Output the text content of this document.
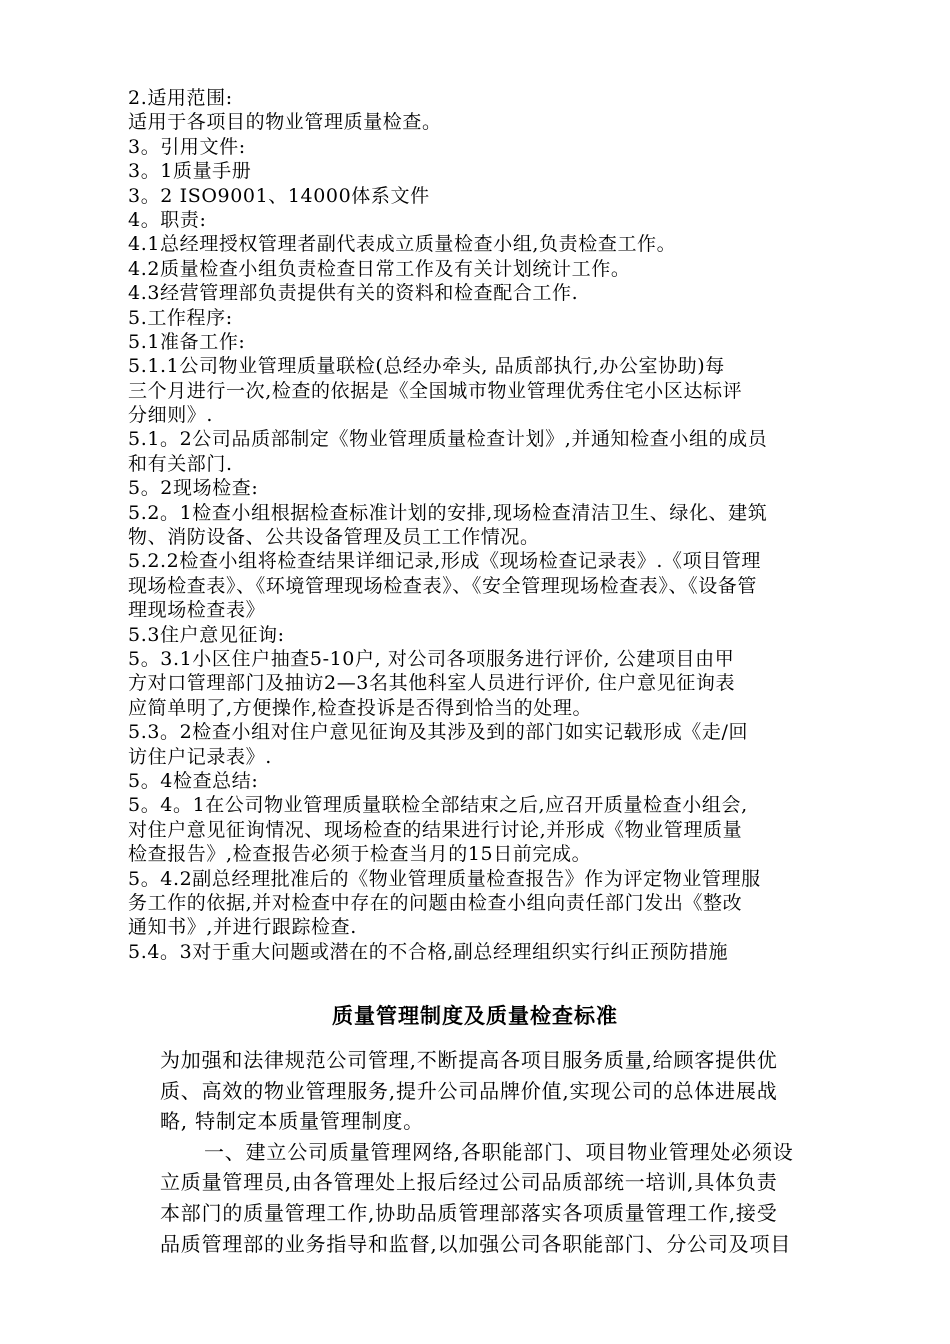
2.适用范围:
适用于各项目的物业管理质量检查。
3。引用文件:
3。1质量手册
3。2 ISO9001、14000体系文件
4。职责:
4.1总经理授权管理者副代表成立质量检查小组,负责检查工作。
4.2质量检查小组负责检查日常工作及有关计划统计工作。
4.3经营管理部负责提供有关的资料和检查配合工作.
5.工作程序:
5.1准备工作:
5.1.1公司物业管理质量联检(总经办牵头, 品质部执行,办公室协助)每
三个月进行一次,检查的依据是《全国城市物业管理优秀住宅小区达标评
分细则》.
5.1。2公司品质部制定《物业管理质量检查计划》,并通知检查小组的成员
和有关部门.
5。2现场检查:
5.2。1检查小组根据检查标准计划的安排,现场检查清洁卫生、绿化、建筑
物、消防设备、公共设备管理及员工工作情况。
5.2.2检查小组将检查结果详细记录,形成《现场检查记录表》.《项目管理
现场检查表》、《环境管理现场检查表》、《安全管理现场检查表》、《设备管
理现场检查表》
5.3住户意见征询:
5。3.1小区住户抽查5-10户, 对公司各项服务进行评价, 公建项目由甲
方对口管理部门及抽访2—3名其他科室人员进行评价, 住户意见征询表
应简单明了,方便操作,检查投诉是否得到恰当的处理。
5.3。2检查小组对住户意见征询及其涉及到的部门如实记载形成《走/回
访住户记录表》.
5。4检查总结:
5。4。1在公司物业管理质量联检全部结束之后,应召开质量检查小组会,
对住户意见征询情况、现场检查的结果进行讨论,并形成《物业管理质量
检查报告》,检查报告必须于检查当月的15日前完成。
5。4.2副总经理批准后的《物业管理质量检查报告》作为评定物业管理服
务工作的依据,并对检查中存在的问题由检查小组向责任部门发出《整改
通知书》,并进行跟踪检查.
5.4。3对于重大问题或潜在的不合格,副总经理组织实行纠正预防措施
质量管理制度及质量检查标准
为加强和法律规范公司管理,不断提高各项目服务质量,给顾客提供优
质、高效的物业管理服务,提升公司品牌价值,实现公司的总体进展战
略, 特制定本质量管理制度。
一、建立公司质量管理网络,各职能部门、项目物业管理处必须设
立质量管理员,由各管理处上报后经过公司品质部统一培训,具体负责
本部门的质量管理工作,协助品质管理部落实各项质量管理工作,接受
品质管理部的业务指导和监督,以加强公司各职能部门、分公司及项目
